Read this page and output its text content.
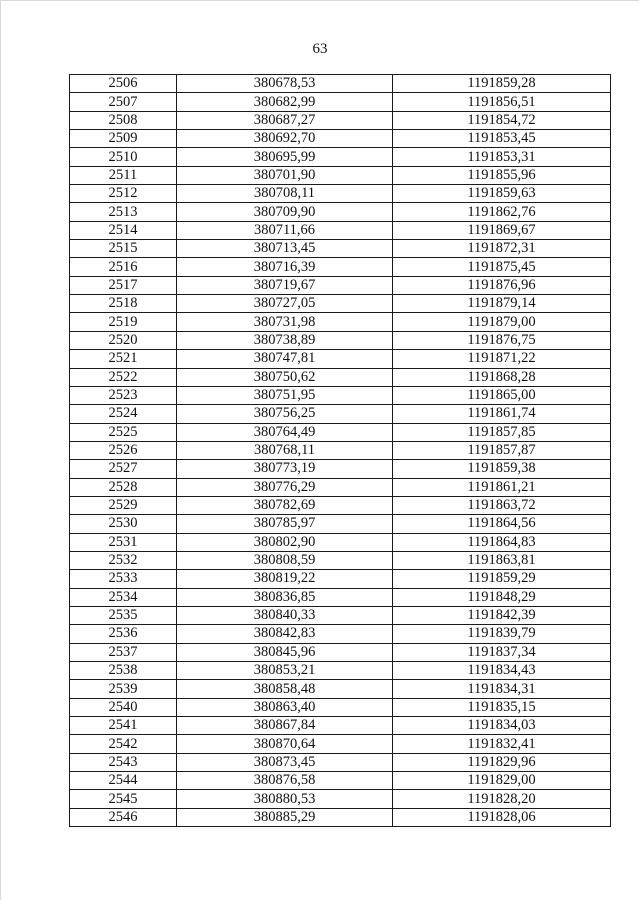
63
2506	380678,53	1191859,28
2507	380682,99	1191856,51
2508	380687,27	1191854,72
2509	380692,70	1191853,45
2510	380695,99	1191853,31
2511	380701,90	1191855,96
2512	380708,11	1191859,63
2513	380709,90	1191862,76
2514	380711,66	1191869,67
2515	380713,45	1191872,31
2516	380716,39	1191875,45
2517	380719,67	1191876,96
2518	380727,05	1191879,14
2519	380731,98	1191879,00
2520	380738,89	1191876,75
2521	380747,81	1191871,22
2522	380750,62	1191868,28
2523	380751,95	1191865,00
2524	380756,25	1191861,74
2525	380764,49	1191857,85
2526	380768,11	1191857,87
2527	380773,19	1191859,38
2528	380776,29	1191861,21
2529	380782,69	1191863,72
2530	380785,97	1191864,56
2531	380802,90	1191864,83
2532	380808,59	1191863,81
2533	380819,22	1191859,29
2534	380836,85	1191848,29
2535	380840,33	1191842,39
2536	380842,83	1191839,79
2537	380845,96	1191837,34
2538	380853,21	1191834,43
2539	380858,48	1191834,31
2540	380863,40	1191835,15
2541	380867,84	1191834,03
2542	380870,64	1191832,41
2543	380873,45	1191829,96
2544	380876,58	1191829,00
2545	380880,53	1191828,20
2546	380885,29	1191828,06
